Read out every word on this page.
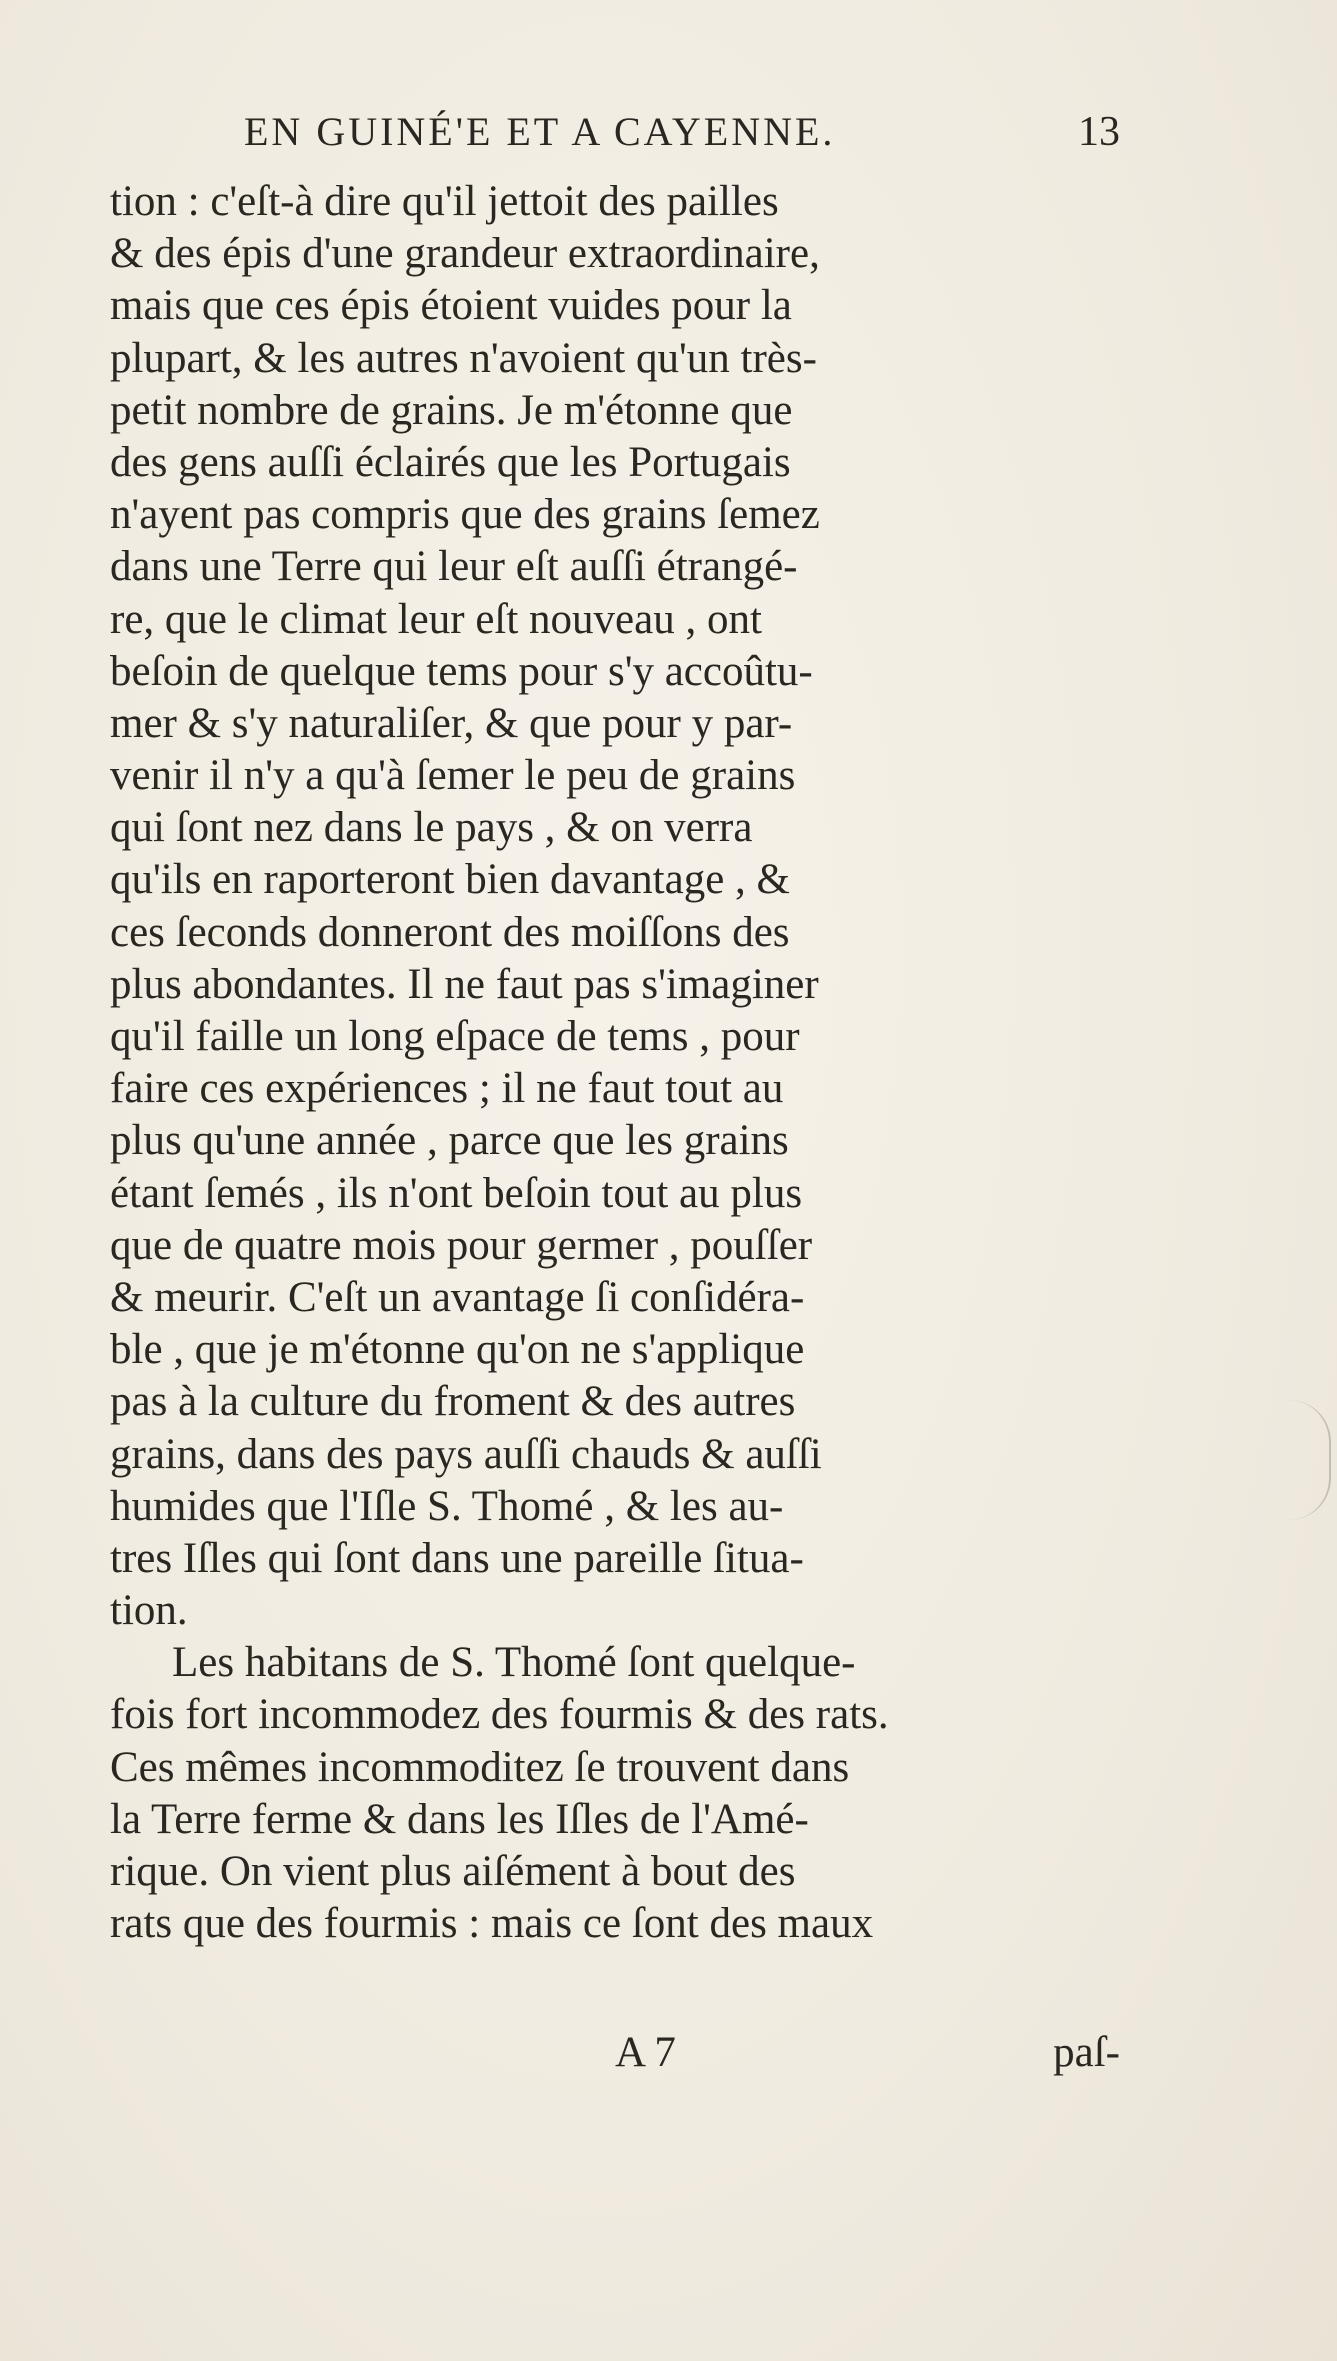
EN GUINÉ'E ET A CAYENNE.	13
tion : c'eſt-à dire qu'il jettoit des pailles
& des épis d'une grandeur extraordinaire,
mais que ces épis étoient vuides pour la
plupart, & les autres n'avoient qu'un très-
petit nombre de grains. Je m'étonne que
des gens auſſi éclairés que les Portugais
n'ayent pas compris que des grains ſemez
dans une Terre qui leur eſt auſſi étrangé-
re, que le climat leur eſt nouveau , ont
beſoin de quelque tems pour s'y accoûtu-
mer & s'y naturaliſer, & que pour y par-
venir il n'y a qu'à ſemer le peu de grains
qui ſont nez dans le pays , & on verra
qu'ils en raporteront bien davantage , &
ces ſeconds donneront des moiſſons des
plus abondantes. Il ne faut pas s'imaginer
qu'il faille un long eſpace de tems , pour
faire ces expériences ; il ne faut tout au
plus qu'une année , parce que les grains
étant ſemés , ils n'ont beſoin tout au plus
que de quatre mois pour germer , pouſſer
& meurir. C'eſt un avantage ſi conſidéra-
ble , que je m'étonne qu'on ne s'applique
pas à la culture du froment & des autres
grains, dans des pays auſſi chauds & auſſi
humides que l'Iſle S. Thomé , & les au-
tres Iſles qui ſont dans une pareille ſitua-
tion.
Les habitans de S. Thomé ſont quelque-
fois fort incommodez des fourmis & des rats.
Ces mêmes incommoditez ſe trouvent dans
la Terre ferme & dans les Iſles de l'Amé-
rique. On vient plus aiſément à bout des
rats que des fourmis : mais ce ſont des maux
A 7	paſ-
